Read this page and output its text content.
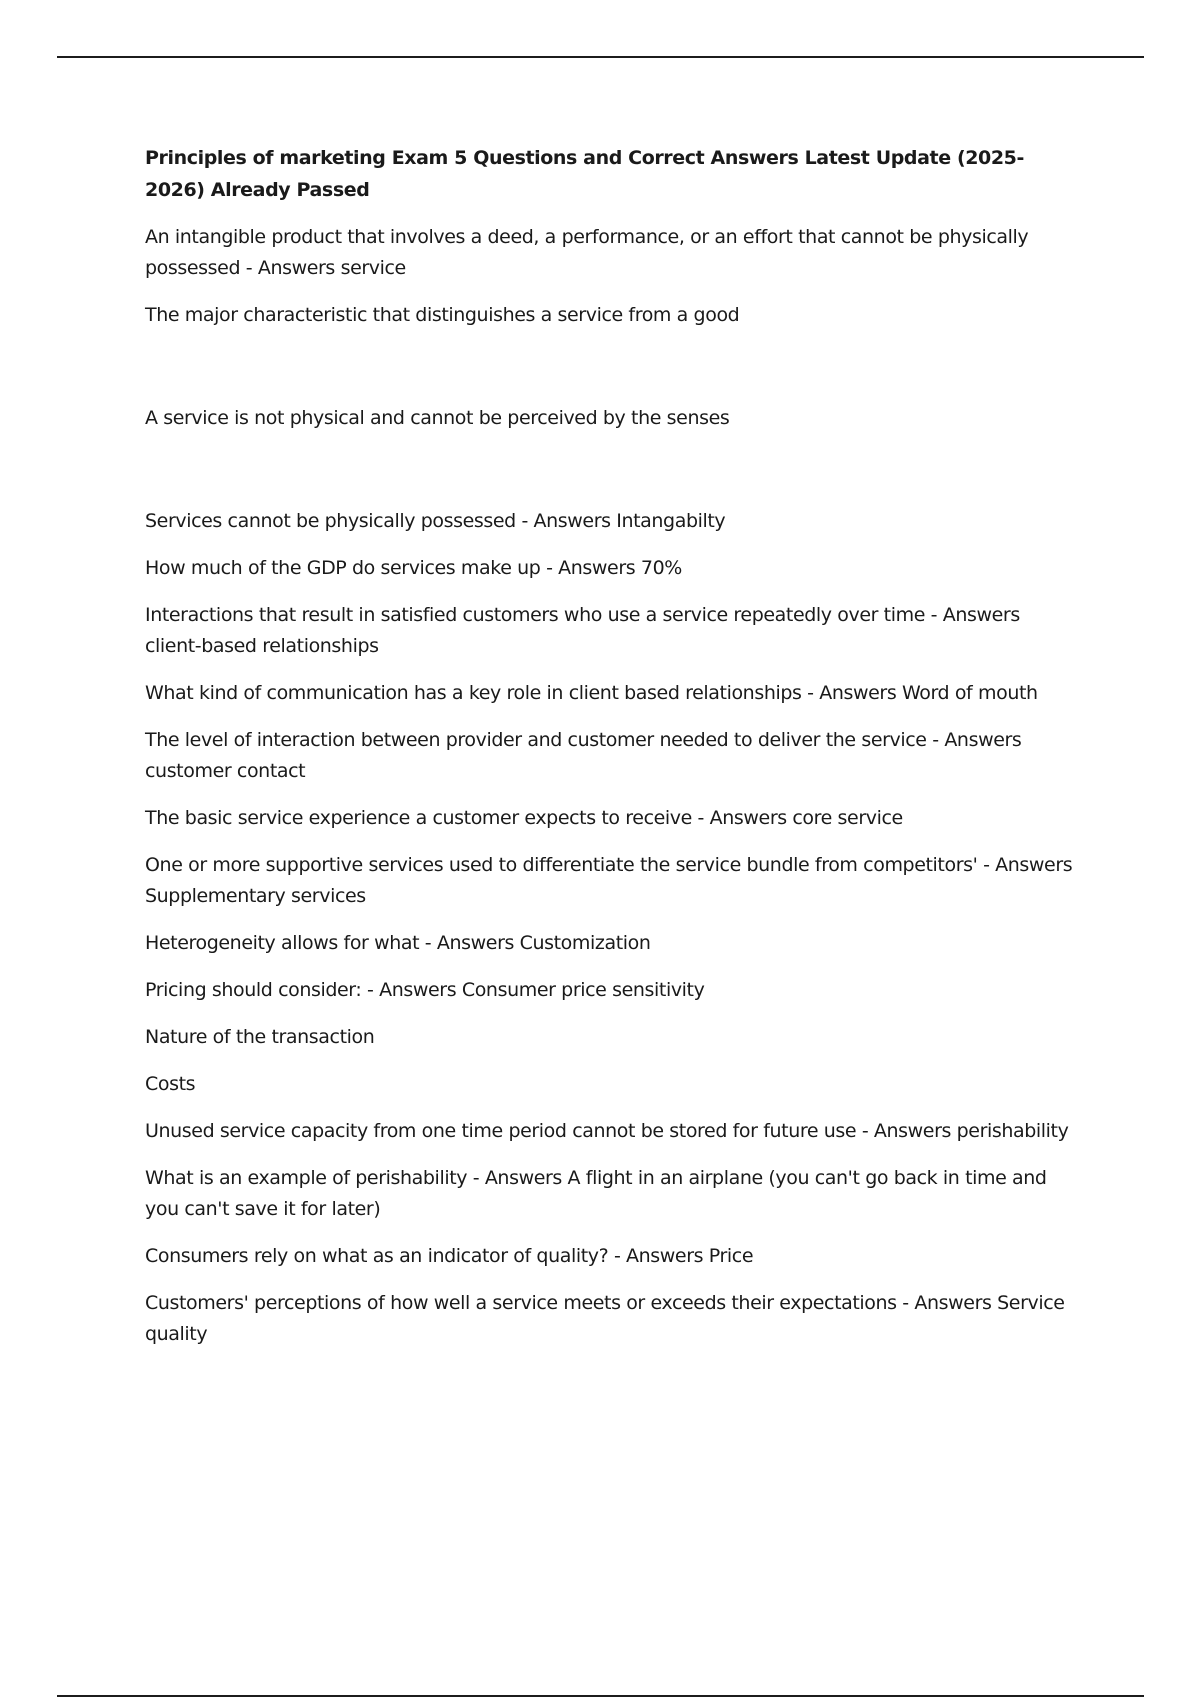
Principles of marketing Exam 5 Questions and Correct Answers Latest Update (2025-2026) Already Passed
An intangible product that involves a deed, a performance, or an effort that cannot be physically possessed - Answers service
The major characteristic that distinguishes a service from a good
A service is not physical and cannot be perceived by the senses
Services cannot be physically possessed - Answers Intangabilty
How much of the GDP do services make up - Answers 70%
Interactions that result in satisfied customers who use a service repeatedly over time - Answers client-based relationships
What kind of communication has a key role in client based relationships - Answers Word of mouth
The level of interaction between provider and customer needed to deliver the service - Answers customer contact
The basic service experience a customer expects to receive - Answers core service
One or more supportive services used to differentiate the service bundle from competitors' - Answers Supplementary services
Heterogeneity allows for what - Answers Customization
Pricing should consider: - Answers Consumer price sensitivity
Nature of the transaction
Costs
Unused service capacity from one time period cannot be stored for future use - Answers perishability
What is an example of perishability - Answers A flight in an airplane (you can't go back in time and you can't save it for later)
Consumers rely on what as an indicator of quality? - Answers Price
Customers' perceptions of how well a service meets or exceeds their expectations - Answers Service quality
